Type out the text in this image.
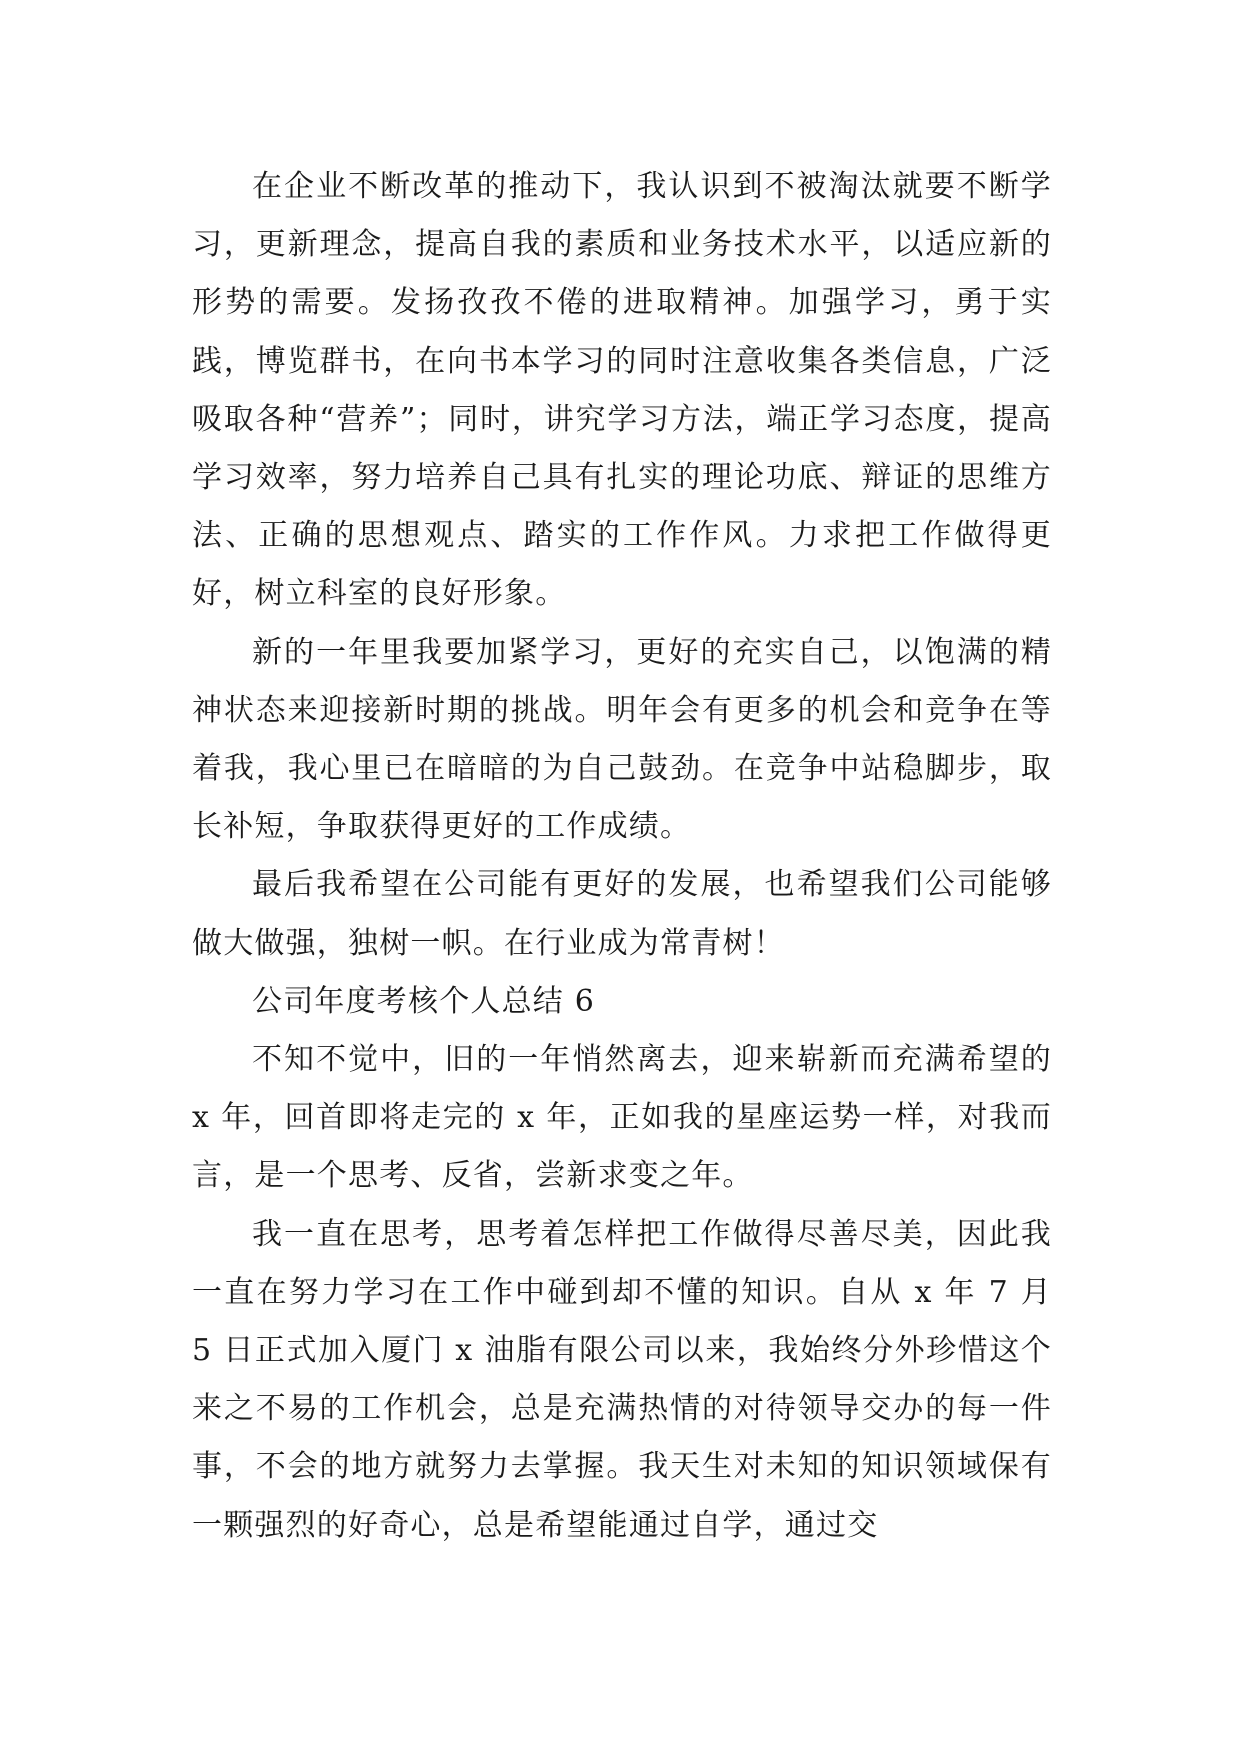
在企业不断改革的推动下，我认识到不被淘汰就要不断学习，更新理念，提高自我的素质和业务技术水平，以适应新的形势的需要。发扬孜孜不倦的进取精神。加强学习，勇于实践，博览群书，在向书本学习的同时注意收集各类信息，广泛吸取各种“营养”；同时，讲究学习方法，端正学习态度，提高学习效率，努力培养自己具有扎实的理论功底、辩证的思维方法、正确的思想观点、踏实的工作作风。力求把工作做得更好，树立科室的良好形象。

新的一年里我要加紧学习，更好的充实自己，以饱满的精神状态来迎接新时期的挑战。明年会有更多的机会和竞争在等着我，我心里已在暗暗的为自己鼓劲。在竞争中站稳脚步，取长补短，争取获得更好的工作成绩。

最后我希望在公司能有更好的发展，也希望我们公司能够做大做强，独树一帜。在行业成为常青树！

公司年度考核个人总结 6

不知不觉中，旧的一年悄然离去，迎来崭新而充满希望的 x 年，回首即将走完的 x 年，正如我的星座运势一样，对我而言，是一个思考、反省，尝新求变之年。

我一直在思考，思考着怎样把工作做得尽善尽美，因此我一直在努力学习在工作中碰到却不懂的知识。自从 x 年 7 月 5 日正式加入厦门 x 油脂有限公司以来，我始终分外珍惜这个来之不易的工作机会，总是充满热情的对待领导交办的每一件事，不会的地方就努力去掌握。我天生对未知的知识领域保有一颗强烈的好奇心，总是希望能通过自学，通过交
